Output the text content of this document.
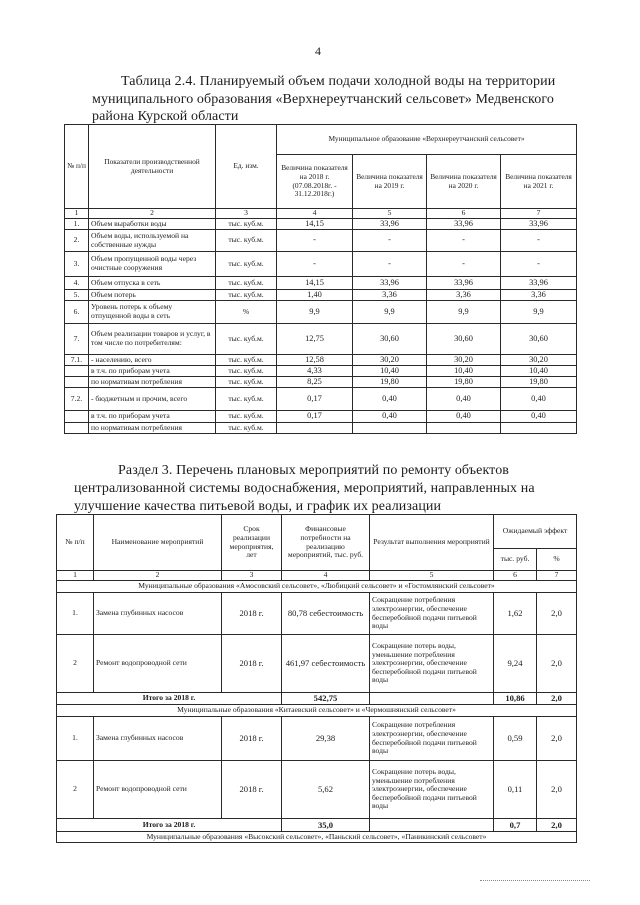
4
Таблица 2.4. Планируемый объем подачи холодной воды на территории
муниципального образования «Верхнереутчанский сельсовет» Медвенского
района Курской области
№ п/п	Показатели производственной деятельности	Ед. изм.	Муниципальное образование «Верхнереутчанский сельсовет»			
			Величина показателя на 2018 г. (07.08.2018г. - 31.12.2018г.)	Величина показателя на 2019 г.	Величина показателя на 2020 г.	Величина показателя на 2021 г.
1	2	3	4	5	6	7
1.	Объем выработки воды	тыс. куб.м.	14,15	33,96	33,96	33,96
2.	Объем воды, используемой на собственные нужды	тыс. куб.м.	-	-	-	-
3.	Объем пропущенной воды через очистные сооружения	тыс. куб.м.	-	-	-	-
4.	Объем отпуска в сеть	тыс. куб.м.	14,15	33,96	33,96	33,96
5.	Объем потерь	тыс. куб.м.	1,40	3,36	3,36	3,36
6.	Уровень потерь к объему отпущенной воды в сеть	%	9,9	9,9	9,9	9,9
7.	Объем реализации товаров и услуг, в том числе по потребителям:	тыс. куб.м.	12,75	30,60	30,60	30,60
7.1.	- населению, всего	тыс. куб.м.	12,58	30,20	30,20	30,20
	в т.ч. по приборам учета	тыс. куб.м.	4,33	10,40	10,40	10,40
	по нормативам потребления	тыс. куб.м.	8,25	19,80	19,80	19,80
7.2.	- бюджетным и прочим, всего	тыс. куб.м.	0,17	0,40	0,40	0,40
	в т.ч. по приборам учета	тыс. куб.м.	0,17	0,40	0,40	0,40
	по нормативам потребления	тыс. куб.м.				
Раздел 3. Перечень плановых мероприятий по ремонту объектов
централизованной системы водоснабжения, мероприятий, направленных на
улучшение качества питьевой воды, и график их реализации
№ п/п	Наименование мероприятий	Срок реализации мероприятия, лет	Финансовые потребности на реализацию мероприятий, тыс. руб.	Результат выполнения мероприятий	Ожидаемый эффект	
					тыс. руб.	%
1	2	3	4	5	6	7
Муниципальные образования «Амосовский сельсовет», «Любицкий сельсовет» и «Гостомлянский сельсовет»						
1.	Замена глубинных насосов	2018 г.	80,78 себестоимость	Сокращение потребления электроэнергии, обеспечение бесперебойной подачи питьевой воды	1,62	2,0
2	Ремонт водопроводной сети	2018 г.	461,97 себестоимость	Сокращение потерь воды, уменьшение потребления электроэнергии, обеспечение бесперебойной подачи питьевой воды	9,24	2,0
Итого за 2018 г.			542,75		10,86	2,0
Муниципальные образования «Китаевский сельсовет» и «Чермошнянский сельсовет»						
1.	Замена глубинных насосов	2018 г.	29,38	Сокращение потребления электроэнергии, обеспечение бесперебойной подачи питьевой воды	0,59	2,0
2	Ремонт водопроводной сети	2018 г.	5,62	Сокращение потерь воды, уменьшение потребления электроэнергии, обеспечение бесперебойной подачи питьевой воды	0,11	2,0
Итого за 2018 г.			35,0		0,7	2,0
Муниципальные образования «Высокский сельсовет», «Паньский сельсовет», «Паникинский сельсовет»						
